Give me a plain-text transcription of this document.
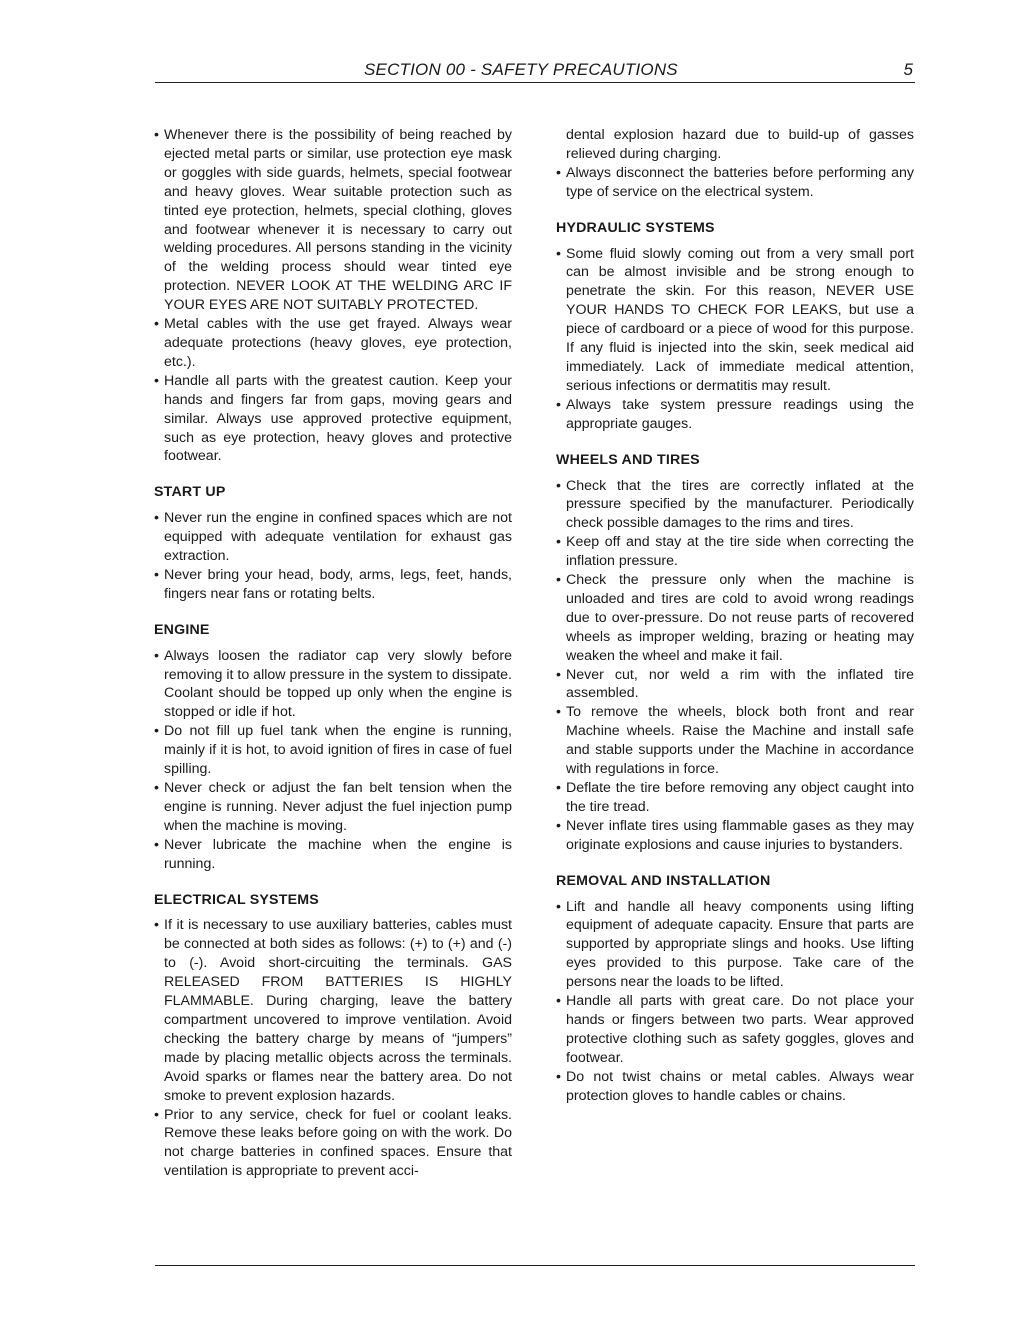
SECTION 00 - SAFETY PRECAUTIONS	5

• Whenever there is the possibility of being reached by ejected metal parts or similar, use protection eye mask or goggles with side guards, helmets, special footwear and heavy gloves. Wear suitable protection such as tinted eye protection, helmets, special clothing, gloves and footwear whenever it is necessary to carry out welding procedures. All persons standing in the vicinity of the welding process should wear tinted eye protection. NEVER LOOK AT THE WELDING ARC IF YOUR EYES ARE NOT SUITABLY PROTECTED.

• Metal cables with the use get frayed. Always wear adequate protections (heavy gloves, eye protection, etc.).

• Handle all parts with the greatest caution. Keep your hands and fingers far from gaps, moving gears and similar. Always use approved protective equipment, such as eye protection, heavy gloves and protective footwear.

START UP

• Never run the engine in confined spaces which are not equipped with adequate ventilation for exhaust gas extraction.

• Never bring your head, body, arms, legs, feet, hands, fingers near fans or rotating belts.

ENGINE

• Always loosen the radiator cap very slowly before removing it to allow pressure in the system to dissipate. Coolant should be topped up only when the engine is stopped or idle if hot.

• Do not fill up fuel tank when the engine is running, mainly if it is hot, to avoid ignition of fires in case of fuel spilling.

• Never check or adjust the fan belt tension when the engine is running. Never adjust the fuel injection pump when the machine is moving.

• Never lubricate the machine when the engine is running.

ELECTRICAL SYSTEMS

• If it is necessary to use auxiliary batteries, cables must be connected at both sides as follows: (+) to (+) and (-) to (-). Avoid short-circuiting the terminals. GAS RELEASED FROM BATTERIES IS HIGHLY FLAMMABLE. During charging, leave the battery compartment uncovered to improve ventilation. Avoid checking the battery charge by means of “jumpers” made by placing metallic objects across the terminals. Avoid sparks or flames near the battery area. Do not smoke to prevent explosion hazards.

• Prior to any service, check for fuel or coolant leaks. Remove these leaks before going on with the work. Do not charge batteries in confined spaces. Ensure that ventilation is appropriate to prevent acci-

dental explosion hazard due to build-up of gasses relieved during charging.

• Always disconnect the batteries before performing any type of service on the electrical system.

HYDRAULIC SYSTEMS

• Some fluid slowly coming out from a very small port can be almost invisible and be strong enough to penetrate the skin. For this reason, NEVER USE YOUR HANDS TO CHECK FOR LEAKS, but use a piece of cardboard or a piece of wood for this purpose. If any fluid is injected into the skin, seek medical aid immediately. Lack of immediate medical attention, serious infections or dermatitis may result.

• Always take system pressure readings using the appropriate gauges.

WHEELS AND TIRES

• Check that the tires are correctly inflated at the pressure specified by the manufacturer. Periodically check possible damages to the rims and tires.

• Keep off and stay at the tire side when correcting the inflation pressure.

• Check the pressure only when the machine is unloaded and tires are cold to avoid wrong readings due to over-pressure. Do not reuse parts of recovered wheels as improper welding, brazing or heating may weaken the wheel and make it fail.

• Never cut, nor weld a rim with the inflated tire assembled.

• To remove the wheels, block both front and rear Machine wheels. Raise the Machine and install safe and stable supports under the Machine in accordance with regulations in force.

• Deflate the tire before removing any object caught into the tire tread.

• Never inflate tires using flammable gases as they may originate explosions and cause injuries to bystanders.

REMOVAL AND INSTALLATION

• Lift and handle all heavy components using lifting equipment of adequate capacity. Ensure that parts are supported by appropriate slings and hooks. Use lifting eyes provided to this purpose. Take care of the persons near the loads to be lifted.

• Handle all parts with great care. Do not place your hands or fingers between two parts. Wear approved protective clothing such as safety goggles, gloves and footwear.

• Do not twist chains or metal cables. Always wear protection gloves to handle cables or chains.
